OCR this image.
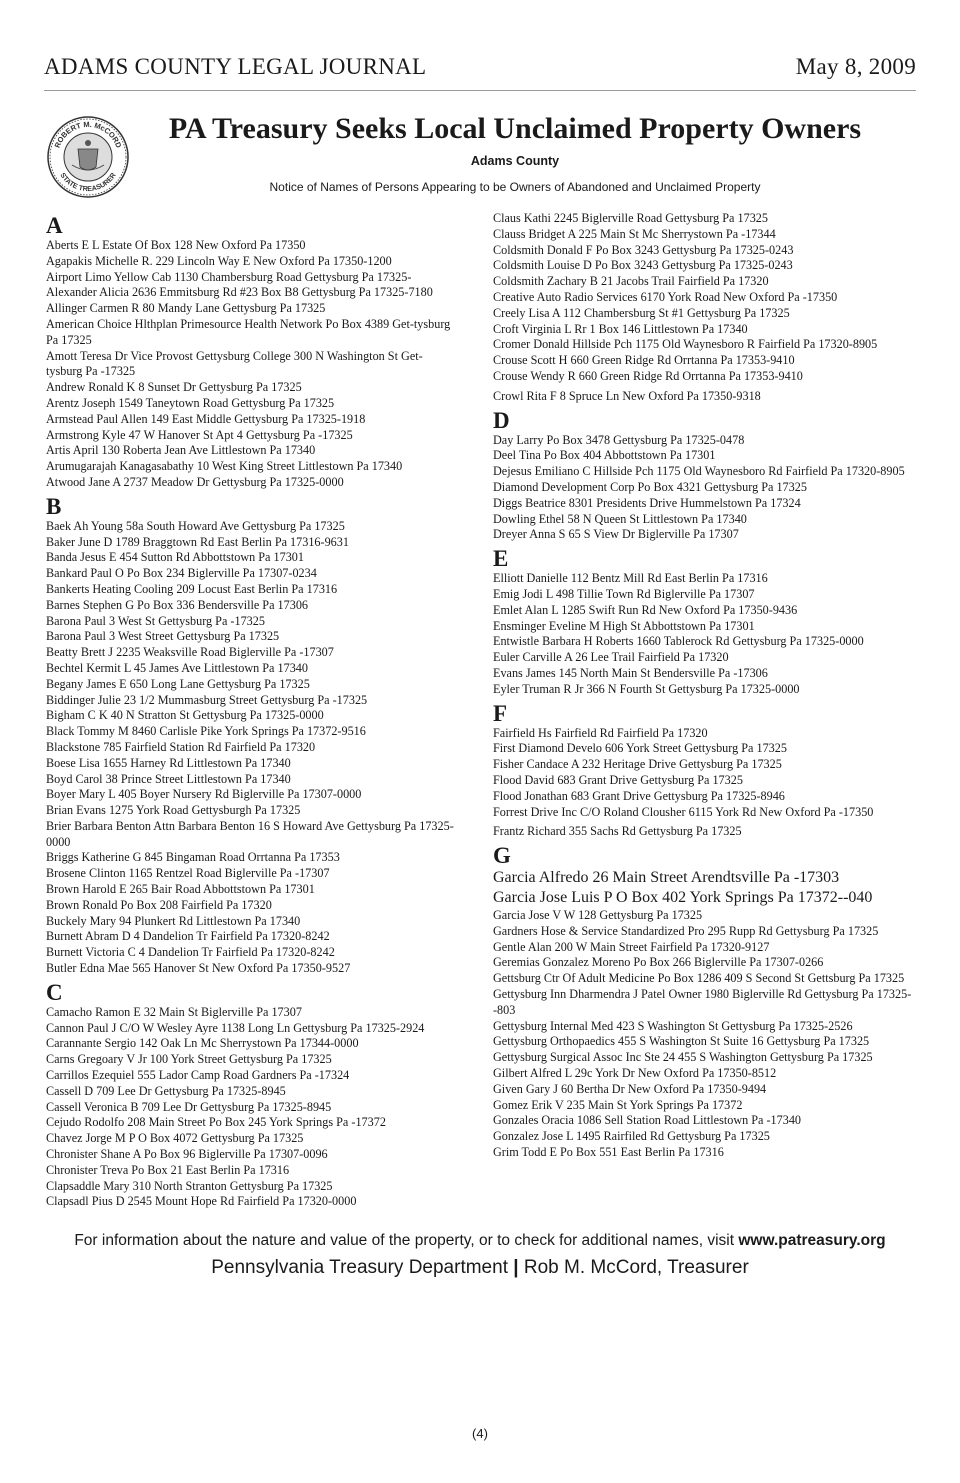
ADAMS COUNTY LEGAL JOURNAL	May 8, 2009
ROBERT M. McCORD
STATE TREASURER
PA Treasury Seeks Local Unclaimed Property Owners
Adams County
Notice of Names of Persons Appearing to be Owners of Abandoned and Unclaimed Property
A
Aberts E L Estate Of Box 128 New Oxford Pa 17350
Agapakis Michelle R. 229 Lincoln Way E New Oxford Pa 17350-1200
Airport Limo Yellow Cab 1130 Chambersburg Road Gettysburg Pa 17325-
Alexander Alicia 2636 Emmitsburg Rd #23 Box B8 Gettysburg Pa 17325-7180
Allinger Carmen R 80 Mandy Lane Gettysburg Pa 17325
American Choice Hlthplan Primesource Health Network Po Box 4389 Get-tysburg Pa 17325
Amott Teresa Dr Vice Provost Gettysburg College 300 N Washington St Get-tysburg Pa -17325
Andrew Ronald K 8 Sunset Dr Gettysburg Pa 17325
Arentz Joseph 1549 Taneytown Road Gettysburg Pa 17325
Armstead Paul Allen 149 East Middle Gettysburg Pa 17325-1918
Armstrong Kyle 47 W Hanover St Apt 4 Gettysburg Pa -17325
Artis April 130 Roberta Jean Ave Littlestown Pa 17340
Arumugarajah Kanagasabathy 10 West King Street Littlestown Pa 17340
Atwood Jane A 2737 Meadow Dr Gettysburg Pa 17325-0000
B
Baek Ah Young 58a South Howard Ave Gettysburg Pa 17325
Baker June D 1789 Braggtown Rd East Berlin Pa 17316-9631
Banda Jesus E 454 Sutton Rd Abbottstown Pa 17301
Bankard Paul O Po Box 234 Biglerville Pa 17307-0234
Bankerts Heating Cooling 209 Locust East Berlin Pa 17316
Barnes Stephen G Po Box 336 Bendersville Pa 17306
Barona Paul 3 West St Gettysburg Pa -17325
Barona Paul 3 West Street Gettysburg Pa 17325
Beatty Brett J 2235 Weaksville Road Biglerville Pa -17307
Bechtel Kermit L 45 James Ave Littlestown Pa 17340
Begany James E 650 Long Lane Gettysburg Pa 17325
Biddinger Julie 23 1/2 Mummasburg Street Gettysburg Pa -17325
Bigham C K 40 N Stratton St Gettysburg Pa 17325-0000
Black Tommy M 8460 Carlisle Pike York Springs Pa 17372-9516
Blackstone 785 Fairfield Station Rd Fairfield Pa 17320
Boese Lisa 1655 Harney Rd Littlestown Pa 17340
Boyd Carol 38 Prince Street Littlestown Pa 17340
Boyer Mary L 405 Boyer Nursery Rd Biglerville Pa 17307-0000
Brian Evans 1275 York Road Gettysburgh Pa 17325
Brier Barbara Benton Attn Barbara Benton 16 S Howard Ave Gettysburg Pa 17325-0000
Briggs Katherine G 845 Bingaman Road Orrtanna Pa 17353
Brosene Clinton 1165 Rentzel Road Biglerville Pa -17307
Brown Harold E 265 Bair Road Abbottstown Pa 17301
Brown Ronald Po Box 208 Fairfield Pa 17320
Buckely Mary 94 Plunkert Rd Littlestown Pa 17340
Burnett Abram D 4 Dandelion Tr Fairfield Pa 17320-8242
Burnett Victoria C 4 Dandelion Tr Fairfield Pa 17320-8242
Butler Edna Mae 565 Hanover St New Oxford Pa 17350-9527
C
Camacho Ramon E 32 Main St Biglerville Pa 17307
Cannon Paul J C/O W Wesley Ayre 1138 Long Ln Gettysburg Pa 17325-2924
Carannante Sergio 142 Oak Ln Mc Sherrystown Pa 17344-0000
Carns Gregoary V Jr 100 York Street Gettysburg Pa 17325
Carrillos Ezequiel 555 Lador Camp Road Gardners Pa -17324
Cassell D 709 Lee Dr Gettysburg Pa 17325-8945
Cassell Veronica B 709 Lee Dr Gettysburg Pa 17325-8945
Cejudo Rodolfo 208 Main Street Po Box 245 York Springs Pa -17372
Chavez Jorge M P O Box 4072 Gettysburg Pa 17325
Chronister Shane A Po Box 96 Biglerville Pa 17307-0096
Chronister Treva Po Box 21 East Berlin Pa 17316
Clapsaddle Mary 310 North Stranton Gettysburg Pa 17325
Clapsadl Pius D 2545 Mount Hope Rd Fairfield Pa 17320-0000
Claus Kathi 2245 Biglerville Road Gettysburg Pa 17325
Clauss Bridget A 225 Main St Mc Sherrystown Pa -17344
Coldsmith Donald F Po Box 3243 Gettysburg Pa 17325-0243
Coldsmith Louise D Po Box 3243 Gettysburg Pa 17325-0243
Coldsmith Zachary B 21 Jacobs Trail Fairfield Pa 17320
Creative Auto Radio Services 6170 York Road New Oxford Pa -17350
Creely Lisa A 112 Chambersburg St #1 Gettysburg Pa 17325
Croft Virginia L Rr 1 Box 146 Littlestown Pa 17340
Cromer Donald Hillside Pch 1175 Old Waynesboro R Fairfield Pa 17320-8905
Crouse Scott H 660 Green Ridge Rd Orrtanna Pa 17353-9410
Crouse Wendy R 660 Green Ridge Rd Orrtanna Pa 17353-9410
Crowl Rita F 8 Spruce Ln New Oxford Pa 17350-9318
D
Day Larry Po Box 3478 Gettysburg Pa 17325-0478
Deel Tina Po Box 404 Abbottstown Pa 17301
Dejesus Emiliano C Hillside Pch 1175 Old Waynesboro Rd Fairfield Pa 17320-8905
Diamond Development Corp Po Box 4321 Gettysburg Pa 17325
Diggs Beatrice 8301 Presidents Drive Hummelstown Pa 17324
Dowling Ethel 58 N Queen St Littlestown Pa 17340
Dreyer Anna S 65 S View Dr Biglerville Pa 17307
E
Elliott Danielle 112 Bentz Mill Rd East Berlin Pa 17316
Emig Jodi L 498 Tillie Town Rd Biglerville Pa 17307
Emlet Alan L 1285 Swift Run Rd New Oxford Pa 17350-9436
Ensminger Eveline M High St Abbottstown Pa 17301
Entwistle Barbara H Roberts 1660 Tablerock Rd Gettysburg Pa 17325-0000
Euler Carville A 26 Lee Trail Fairfield Pa 17320
Evans James 145 North Main St Bendersville Pa -17306
Eyler Truman R Jr 366 N Fourth St Gettysburg Pa 17325-0000
F
Fairfield Hs Fairfield Rd Fairfield Pa 17320
First Diamond Develo 606 York Street Gettysburg Pa 17325
Fisher Candace A 232 Heritage Drive Gettysburg Pa 17325
Flood David 683 Grant Drive Gettysburg Pa 17325
Flood Jonathan 683 Grant Drive Gettysburg Pa 17325-8946
Forrest Drive Inc C/O Roland Clousher 6115 York Rd New Oxford Pa -17350
Frantz Richard 355 Sachs Rd Gettysburg Pa 17325
G
Garcia Alfredo 26 Main Street Arendtsville Pa -17303
Garcia Jose Luis P O Box 402 York Springs Pa 17372--040
Garcia Jose V W 128 Gettysburg Pa 17325
Gardners Hose & Service Standardized Pro 295 Rupp Rd Gettysburg Pa 17325
Gentle Alan 200 W Main Street Fairfield Pa 17320-9127
Geremias Gonzalez Moreno Po Box 266 Biglerville Pa 17307-0266
Gettsburg Ctr Of Adult Medicine Po Box 1286 409 S Second St Gettsburg Pa 17325
Gettysburg Inn Dharmendra J Patel Owner 1980 Biglerville Rd Gettysburg Pa 17325--803
Gettysburg Internal Med 423 S Washington St Gettysburg Pa 17325-2526
Gettysburg Orthopaedics 455 S Washington St Suite 16 Gettysburg Pa 17325
Gettysburg Surgical Assoc Inc Ste 24 455 S Washington Gettysburg Pa 17325
Gilbert Alfred L 29c York Dr New Oxford Pa 17350-8512
Given Gary J 60 Bertha Dr New Oxford Pa 17350-9494
Gomez Erik V 235 Main St York Springs Pa 17372
Gonzales Oracia 1086 Sell Station Road Littlestown Pa -17340
Gonzalez Jose L 1495 Rairfiled Rd Gettysburg Pa 17325
Grim Todd E Po Box 551 East Berlin Pa 17316
For information about the nature and value of the property, or to check for additional names, visit www.patreasury.org
Pennsylvania Treasury Department | Rob M. McCord, Treasurer
(4)
